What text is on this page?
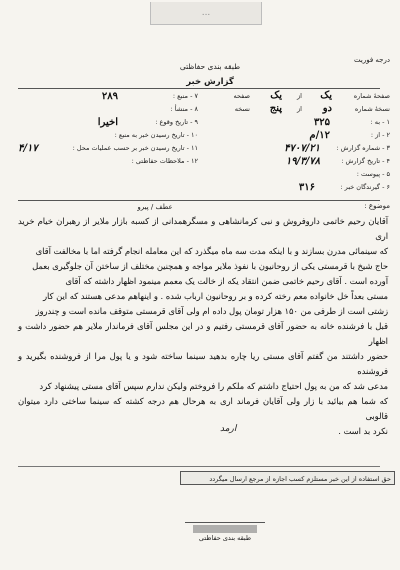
...
درجه فوریت
طبقه بندی حفاظتی
گزارش خبر
صفحهٔ شماره
یک
از
یک
صفحه
نسخهٔ شماره
دو
از
پنج
نسخه
۱ - به :
۳۲۵
۲ - از :
۱۲/م
۳ - شماره گزارش :
۴۷۰۷/۲۱
۴ - تاریخ گزارش :
۱۹/۳/۷۸
۵ - پیوست :
۶ - گیرندگان خبر :
۳۱۶
۷ - منبع :
۲۸۹
۸ - منشأ :
۹ - تاریخ وقوع :
اخیرا
۱۰ - تاریخ رسیدن خبر به منبع :
۱۱ - تاریخ رسیدن خبر بر حسب عملیات محل :
۴/۱۷
۱۲ - ملاحظات حفاظتی :
موضوع :
عطف / پیرو

آقایان رحیم خاتمی داروفروش و نبی کرمانشاهی و مسگرهمدانی از کسبه بازار ملایر از رهبران خیام خرید اری

که سینمائی مدرن بسازند و با اینکه مدت سه ماه میگذرد که این معامله انجام گرفته اما با مخالفت آقای

حاج شیخ با قرمستی یکی از روحانیون با نفوذ ملایر مواجه و همچنین مختلف از ساختن آن جلوگیری بعمل

آورده است . آقای رحیم خاتمی ضمن انتقاد یکه از خالت یک معمم مینمود اظهار داشته که آقای

مستی بعداً خل خانواده معم رخته کرده و بر روحانیون ارباب شده . و اینهاهم مدعی هستند که این کار

زشتی است از طرفی من ۱۵۰ هزار تومان پول داده ام ولی آقای قرمستی متوقف مانده است و چندروز

قبل با فرشنده خانه به حضور آقای قرمستی رفتیم و در این مجلس آقای فرماندار ملایر هم حضور داشت و اظهار

حضور داشتند من گفتم آقای مستی ریا چاره بدهید سینما ساخته شود و یا پول مرا از فروشنده بگیرید و فروشنده

مدعی شد که من به پول احتیاج داشتم که ملکم را فروختم ولیکن ندارم سپس آقای مستی پیشنهاد کرد

که شما هم بیائید با زار ولی آقایان فرماند اری به هرحال هم درجه کشته که سینما ساختی دارد میتوان قالوبی

نکرد بد است .

ارمد
حق استفاده از این خبر مستلزم کسب اجازه از مرجع ارسال میگردد
طبقه بندی حفاظتی
